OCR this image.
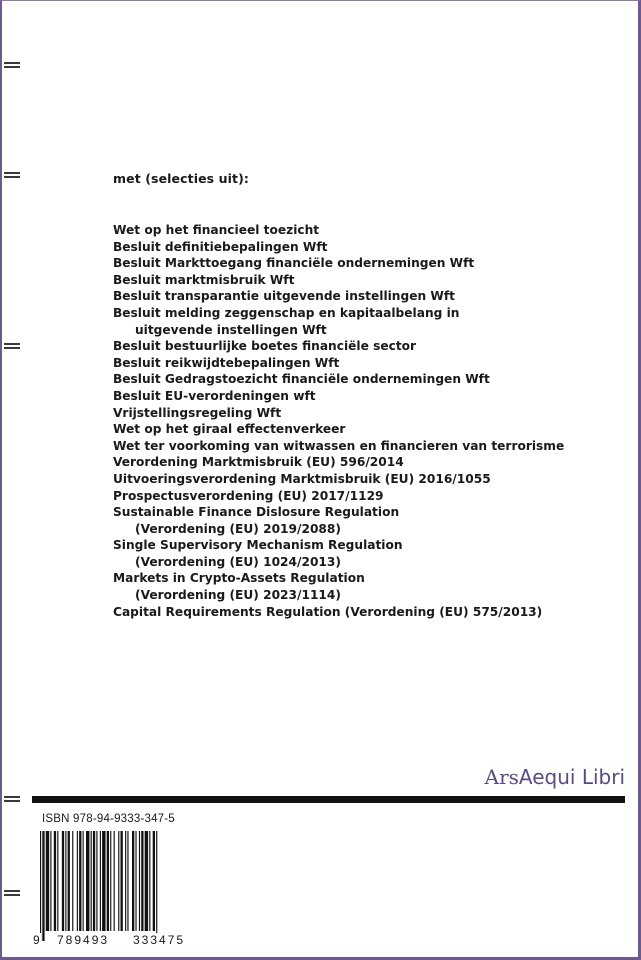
met (selecties uit):
Wet op het financieel toezicht
Besluit definitiebepalingen Wft
Besluit Markttoegang financiële ondernemingen Wft
Besluit marktmisbruik Wft
Besluit transparantie uitgevende instellingen Wft
Besluit melding zeggenschap en kapitaalbelang in
uitgevende instellingen Wft
Besluit bestuurlijke boetes financiële sector
Besluit reikwijdtebepalingen Wft
Besluit Gedragstoezicht financiële ondernemingen Wft
Besluit EU-verordeningen wft
Vrijstellingsregeling Wft
Wet op het giraal effectenverkeer
Wet ter voorkoming van witwassen en financieren van terrorisme
Verordening Marktmisbruik (EU) 596/2014
Uitvoeringsverordening Marktmisbruik (EU) 2016/1055
Prospectusverordening (EU) 2017/1129
Sustainable Finance Dislosure Regulation
(Verordening (EU) 2019/2088)
Single Supervisory Mechanism Regulation
(Verordening (EU) 1024/2013)
Markets in Crypto-Assets Regulation
(Verordening (EU) 2023/1114)
Capital Requirements Regulation (Verordening (EU) 575/2013)
ArsAequi Libri
ISBN 978-94-9333-347-5
9 789493 333475
